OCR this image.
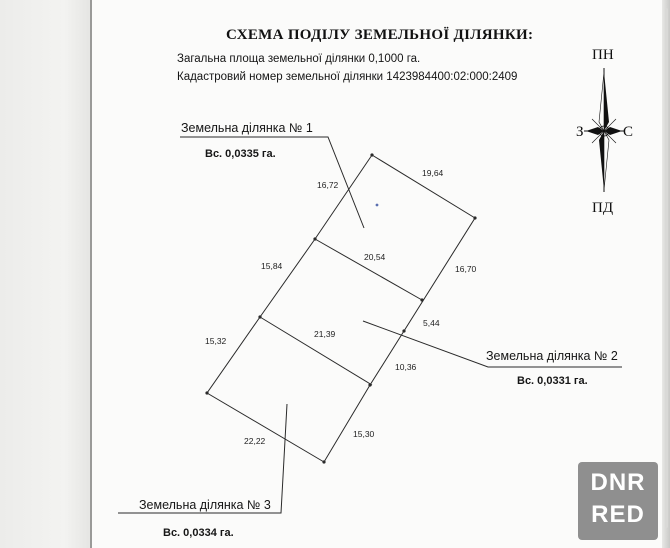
СХЕМА ПОДІЛУ ЗЕМЕЛЬНОЇ ДІЛЯНКИ:
Загальна площа земельної ділянки 0,1000 га.
Кадастровий номер земельної ділянки 1423984400:02:000:2409
Земельна ділянка № 1
Вс. 0,0335 га.
Земельна ділянка № 2
Вс. 0,0331 га.
Земельна ділянка № 3
Вс. 0,0334 га.
19,64
16,72
20,54
16,70
15,84
5,44
21,39
15,32
10,36
22,22
15,30
ПН
ПД
З	С
DNR
RED
